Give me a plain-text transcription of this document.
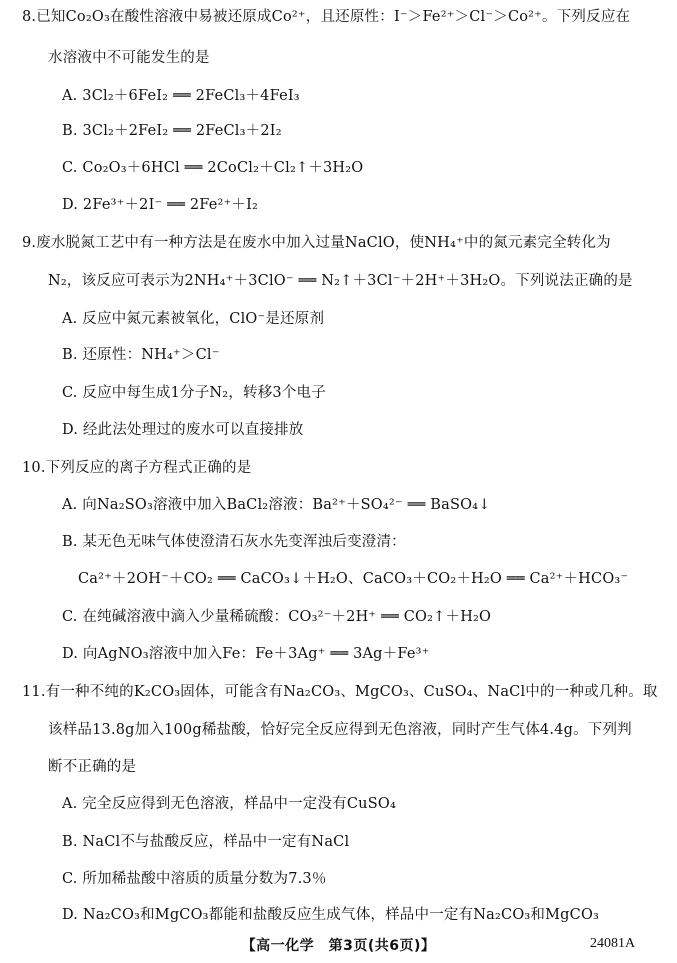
8.已知Co₂O₃在酸性溶液中易被还原成Co²⁺，且还原性：I⁻＞Fe²⁺＞Cl⁻＞Co²⁺。下列反应在
水溶液中不可能发生的是
A. 3Cl₂＋6FeI₂ ══ 2FeCl₃＋4FeI₃
B. 3Cl₂＋2FeI₂ ══ 2FeCl₃＋2I₂
C. Co₂O₃＋6HCl ══ 2CoCl₂＋Cl₂↑＋3H₂O
D. 2Fe³⁺＋2I⁻ ══ 2Fe²⁺＋I₂
9.废水脱氮工艺中有一种方法是在废水中加入过量NaClO，使NH₄⁺中的氮元素完全转化为
N₂，该反应可表示为2NH₄⁺＋3ClO⁻ ══ N₂↑＋3Cl⁻＋2H⁺＋3H₂O。下列说法正确的是
A. 反应中氮元素被氧化，ClO⁻是还原剂
B. 还原性：NH₄⁺＞Cl⁻
C. 反应中每生成1分子N₂，转移3个电子
D. 经此法处理过的废水可以直接排放
10.下列反应的离子方程式正确的是
A. 向Na₂SO₃溶液中加入BaCl₂溶液：Ba²⁺＋SO₄²⁻ ══ BaSO₄↓
B. 某无色无味气体使澄清石灰水先变浑浊后变澄清：
Ca²⁺＋2OH⁻＋CO₂ ══ CaCO₃↓＋H₂O、CaCO₃＋CO₂＋H₂O ══ Ca²⁺＋HCO₃⁻
C. 在纯碱溶液中滴入少量稀硫酸：CO₃²⁻＋2H⁺ ══ CO₂↑＋H₂O
D. 向AgNO₃溶液中加入Fe：Fe＋3Ag⁺ ══ 3Ag＋Fe³⁺
11.有一种不纯的K₂CO₃固体，可能含有Na₂CO₃、MgCO₃、CuSO₄、NaCl中的一种或几种。取
该样品13.8g加入100g稀盐酸，恰好完全反应得到无色溶液，同时产生气体4.4g。下列判
断不正确的是
A. 完全反应得到无色溶液，样品中一定没有CuSO₄
B. NaCl不与盐酸反应，样品中一定有NaCl
C. 所加稀盐酸中溶质的质量分数为7.3％
D. Na₂CO₃和MgCO₃都能和盐酸反应生成气体，样品中一定有Na₂CO₃和MgCO₃
【高一化学　第3页(共6页)】	24081A
